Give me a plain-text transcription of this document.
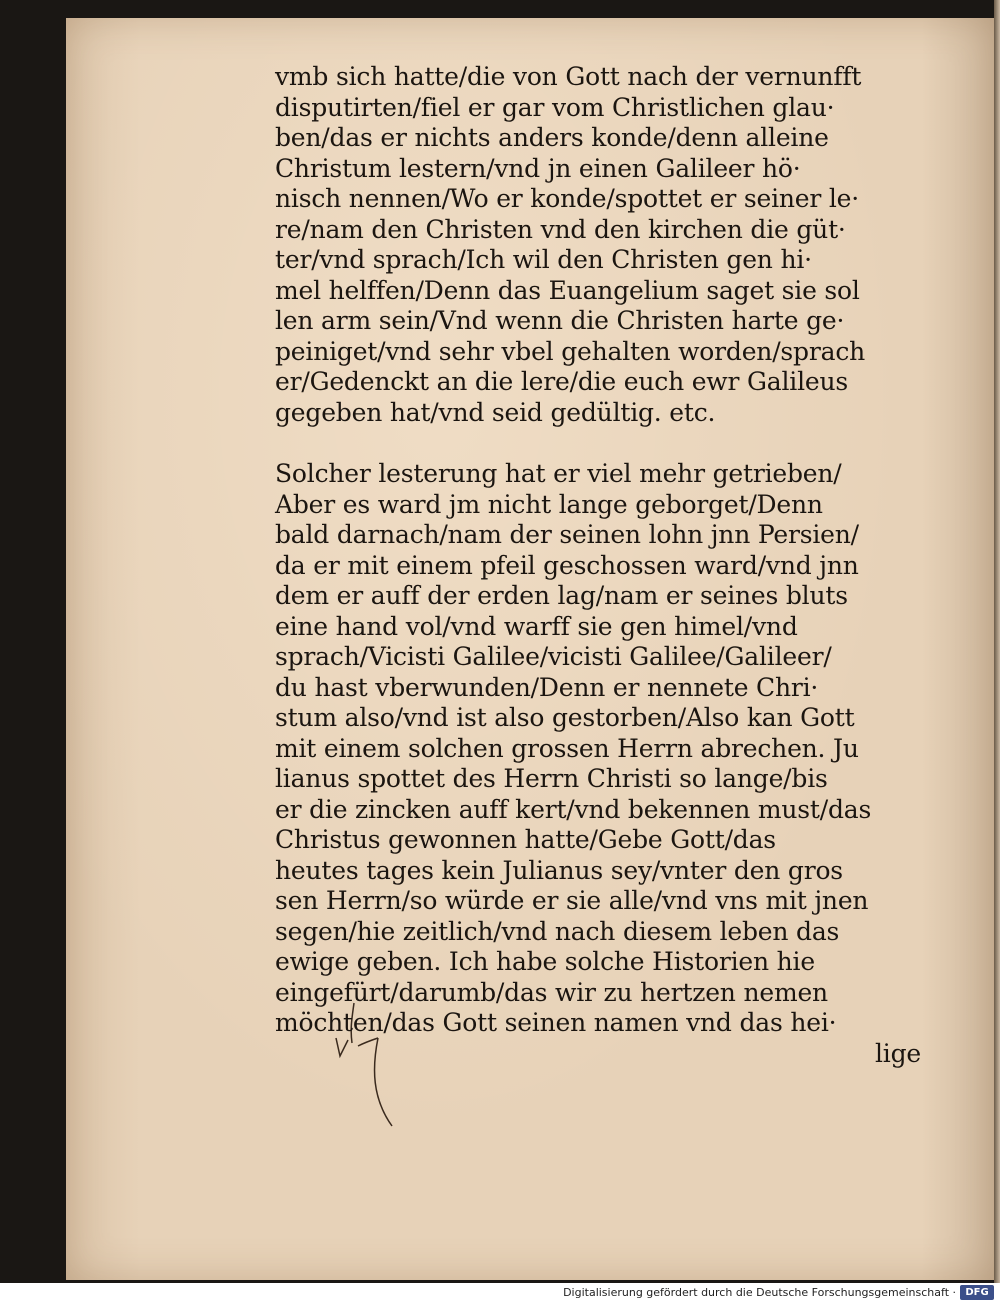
vmb sich hatte/die von Gott nach der vernunfft
disputirten/fiel er gar vom Christlichen glau·
ben/das er nichts anders konde/denn alleine
Christum lestern/vnd jn einen Galileer hö·
nisch nennen/Wo er konde/spottet er seiner le·
re/nam den Christen vnd den kirchen die güt·
ter/vnd sprach/Ich wil den Christen gen hi·
mel helffen/Denn das Euangelium saget sie sol
len arm sein/Vnd wenn die Christen harte ge·
peiniget/vnd sehr vbel gehalten worden/sprach
er/Gedenckt an die lere/die euch ewr Galileus
gegeben hat/vnd seid gedültig. etc.
Solcher lesterung hat er viel mehr getrieben/
Aber es ward jm nicht lange geborget/Denn
bald darnach/nam der seinen lohn jnn Persien/
da er mit einem pfeil geschossen ward/vnd jnn
dem er auff der erden lag/nam er seines bluts
eine hand vol/vnd warff sie gen himel/vnd
sprach/Vicisti Galilee/vicisti Galilee/Galileer/
du hast vberwunden/Denn er nennete Chri·
stum also/vnd ist also gestorben/Also kan Gott
mit einem solchen grossen Herrn abrechen. Ju
lianus spottet des Herrn Christi so lange/bis
er die zincken auff kert/vnd bekennen must/das
Christus gewonnen hatte/Gebe Gott/das
heutes tages kein Julianus sey/vnter den gros
sen Herrn/so würde er sie alle/vnd vns mit jnen
segen/hie zeitlich/vnd nach diesem leben das
ewige geben. Ich habe solche Historien hie
eingefürt/darumb/das wir zu hertzen nemen
möchten/das Gott seinen namen vnd das hei·
lige
Digitalisierung gefördert durch die Deutsche Forschungsgemeinschaft · DFG
